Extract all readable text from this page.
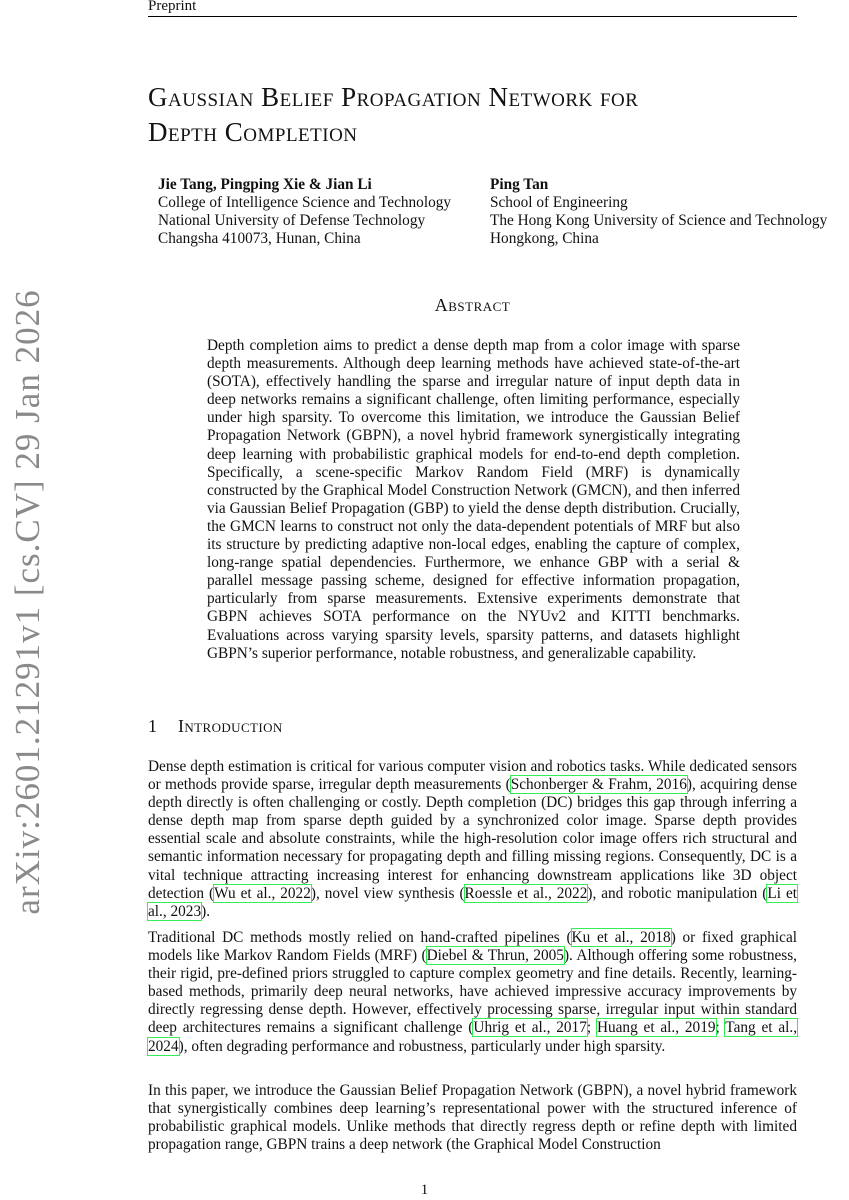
Preprint
Gaussian Belief Propagation Network for
Depth Completion
Jie Tang, Pingping Xie & Jian Li
College of Intelligence Science and Technology
National University of Defense Technology
Changsha 410073, Hunan, China
Ping Tan
School of Engineering
The Hong Kong University of Science and Technology
Hongkong, China
arXiv:2601.21291v1 [cs.CV] 29 Jan 2026	Abstract
Depth completion aims to predict a dense depth map from a color image with sparse depth measurements. Although deep learning methods have achieved state-of-the-art (SOTA), effectively handling the sparse and irregular nature of input depth data in deep networks remains a significant challenge, often limiting performance, especially under high sparsity. To overcome this limitation, we introduce the Gaussian Belief Propagation Network (GBPN), a novel hybrid framework synergistically integrating deep learning with probabilistic graphical models for end-to-end depth completion. Specifically, a scene-specific Markov Random Field (MRF) is dynamically constructed by the Graphical Model Construction Network (GMCN), and then inferred via Gaussian Belief Propagation (GBP) to yield the dense depth distribution. Crucially, the GMCN learns to construct not only the data-dependent potentials of MRF but also its structure by predicting adaptive non-local edges, enabling the capture of complex, long-range spatial dependencies. Furthermore, we enhance GBP with a serial & parallel message passing scheme, designed for effective information propagation, particularly from sparse measurements. Extensive experiments demonstrate that GBPN achieves SOTA performance on the NYUv2 and KITTI benchmarks. Evaluations across varying sparsity levels, sparsity patterns, and datasets highlight GBPN’s superior performance, notable robustness, and generalizable capability.
1 Introduction
Dense depth estimation is critical for various computer vision and robotics tasks. While dedicated sensors or methods provide sparse, irregular depth measurements (Schonberger & Frahm, 2016), acquiring dense depth directly is often challenging or costly. Depth completion (DC) bridges this gap through inferring a dense depth map from sparse depth guided by a synchronized color image. Sparse depth provides essential scale and absolute constraints, while the high-resolution color image offers rich structural and semantic information necessary for propagating depth and filling missing regions. Consequently, DC is a vital technique attracting increasing interest for enhancing downstream applications like 3D object detection (Wu et al., 2022), novel view synthesis (Roessle et al., 2022), and robotic manipulation (Li et al., 2023).
Traditional DC methods mostly relied on hand-crafted pipelines (Ku et al., 2018) or fixed graphical models like Markov Random Fields (MRF) (Diebel & Thrun, 2005). Although offering some robustness, their rigid, pre-defined priors struggled to capture complex geometry and fine details. Recently, learning-based methods, primarily deep neural networks, have achieved impressive accuracy improvements by directly regressing dense depth. However, effectively processing sparse, irregular input within standard deep architectures remains a significant challenge (Uhrig et al., 2017; Huang et al., 2019; Tang et al., 2024), often degrading performance and robustness, particularly under high sparsity.
In this paper, we introduce the Gaussian Belief Propagation Network (GBPN), a novel hybrid framework that synergistically combines deep learning’s representational power with the structured inference of probabilistic graphical models. Unlike methods that directly regress depth or refine depth with limited propagation range, GBPN trains a deep network (the Graphical Model Construction
1
